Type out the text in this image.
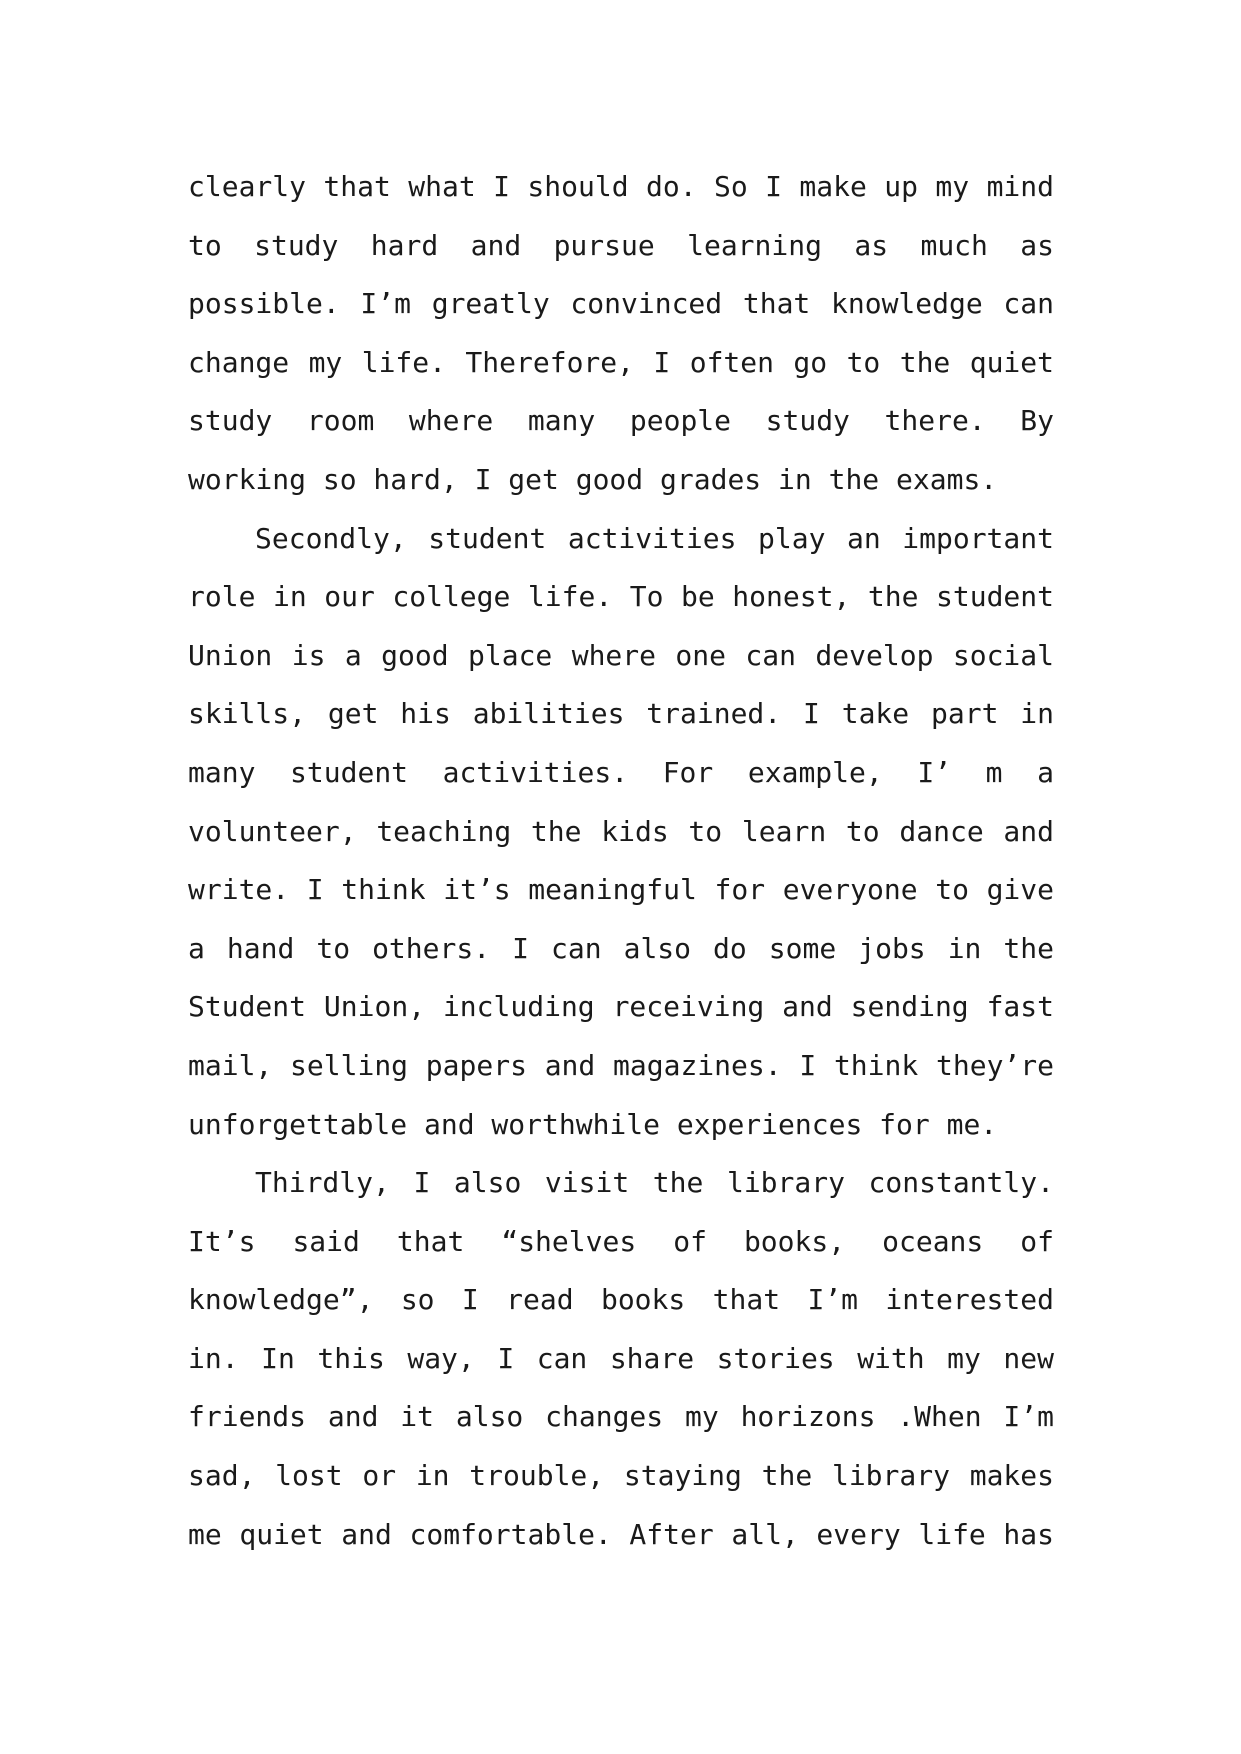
clearly that what I should do. So I make up my mind
to study hard and pursue learning as much as
possible. I’m greatly convinced that knowledge can
change my life. Therefore, I often go to the quiet
study room where many people study there. By
working so hard, I get good grades in the exams.
Secondly, student activities play an important
role in our college life. To be honest, the student
Union is a good place where one can develop social
skills, get his abilities trained. I take part in
many student activities. For example, I’ m a
volunteer, teaching the kids to learn to dance and
write. I think it’s meaningful for everyone to give
a hand to others. I can also do some jobs in the
Student Union, including receiving and sending fast
mail, selling papers and magazines. I think they’re
unforgettable and worthwhile experiences for me.
Thirdly, I also visit the library constantly.
It’s said that “shelves of books, oceans of
knowledge”, so I read books that I’m interested
in. In this way, I can share stories with my new
friends and it also changes my horizons .When I’m
sad, lost or in trouble, staying the library makes
me quiet and comfortable. After all, every life has
